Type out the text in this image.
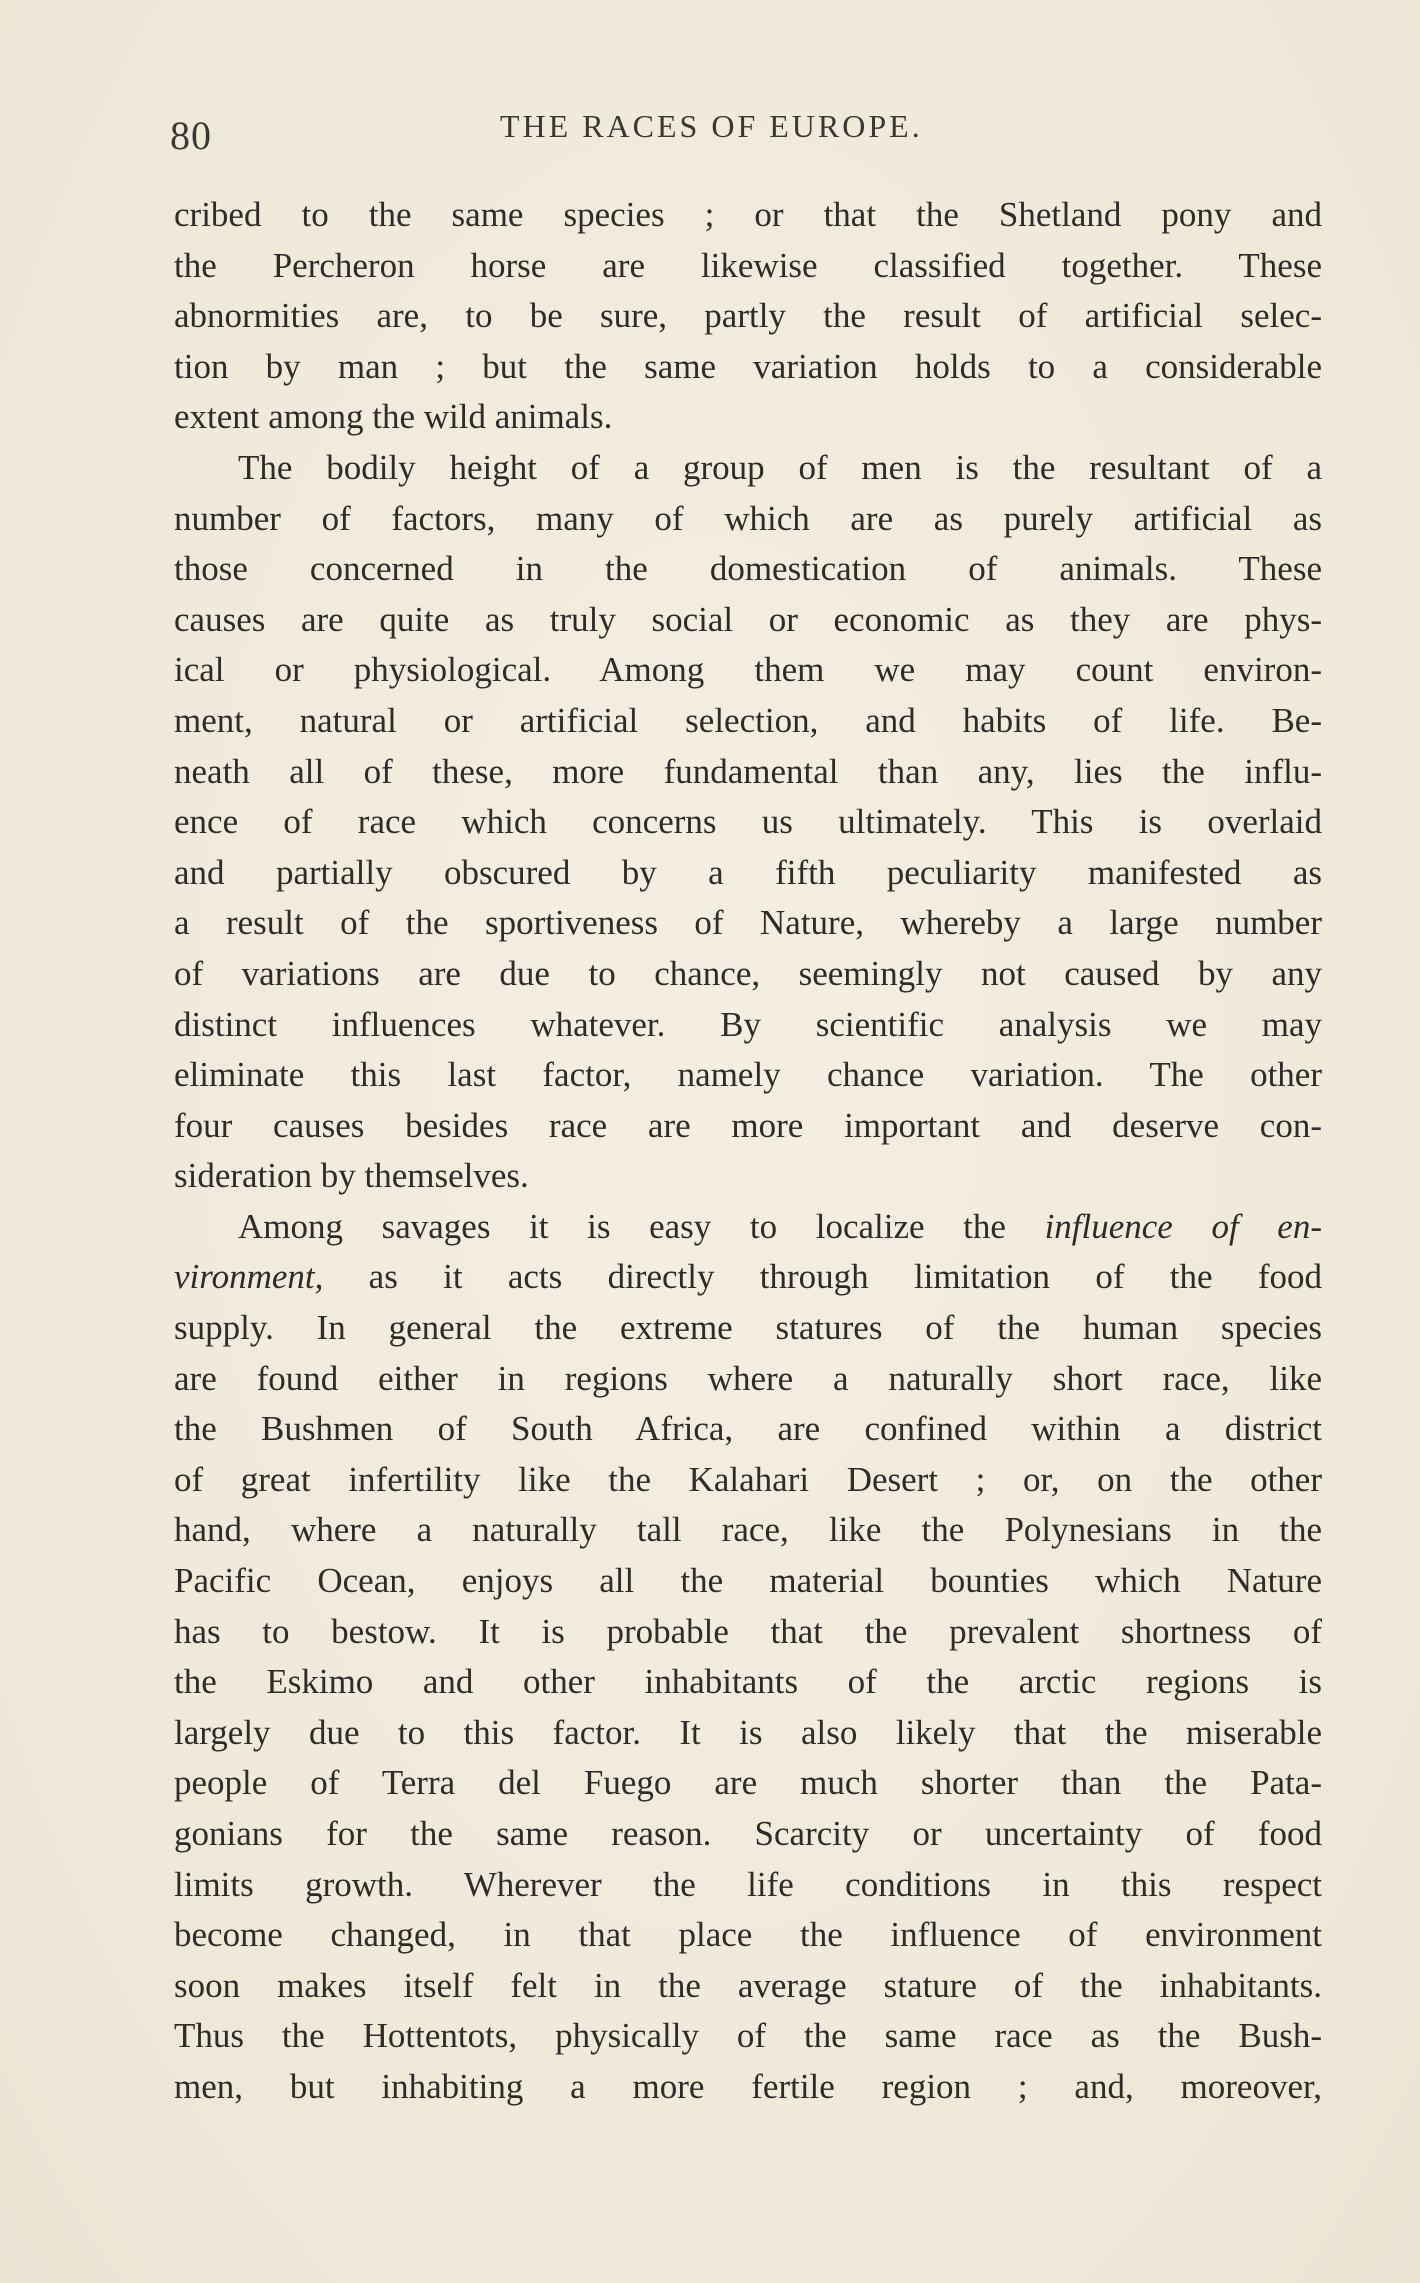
80	THE RACES OF EUROPE.
cribed to the same species ; or that the Shetland pony and
the Percheron horse are likewise classified together. These
abnormities are, to be sure, partly the result of artificial selec-
tion by man ; but the same variation holds to a considerable
extent among the wild animals.
The bodily height of a group of men is the resultant of a
number of factors, many of which are as purely artificial as
those concerned in the domestication of animals. These
causes are quite as truly social or economic as they are phys-
ical or physiological. Among them we may count environ-
ment, natural or artificial selection, and habits of life. Be-
neath all of these, more fundamental than any, lies the influ-
ence of race which concerns us ultimately. This is overlaid
and partially obscured by a fifth peculiarity manifested as
a result of the sportiveness of Nature, whereby a large number
of variations are due to chance, seemingly not caused by any
distinct influences whatever. By scientific analysis we may
eliminate this last factor, namely chance variation. The other
four causes besides race are more important and deserve con-
sideration by themselves.
Among savages it is easy to localize the influence of en-
vironment, as it acts directly through limitation of the food
supply. In general the extreme statures of the human species
are found either in regions where a naturally short race, like
the Bushmen of South Africa, are confined within a district
of great infertility like the Kalahari Desert ; or, on the other
hand, where a naturally tall race, like the Polynesians in the
Pacific Ocean, enjoys all the material bounties which Nature
has to bestow. It is probable that the prevalent shortness of
the Eskimo and other inhabitants of the arctic regions is
largely due to this factor. It is also likely that the miserable
people of Terra del Fuego are much shorter than the Pata-
gonians for the same reason. Scarcity or uncertainty of food
limits growth. Wherever the life conditions in this respect
become changed, in that place the influence of environment
soon makes itself felt in the average stature of the inhabitants.
Thus the Hottentots, physically of the same race as the Bush-
men, but inhabiting a more fertile region ; and, moreover,
